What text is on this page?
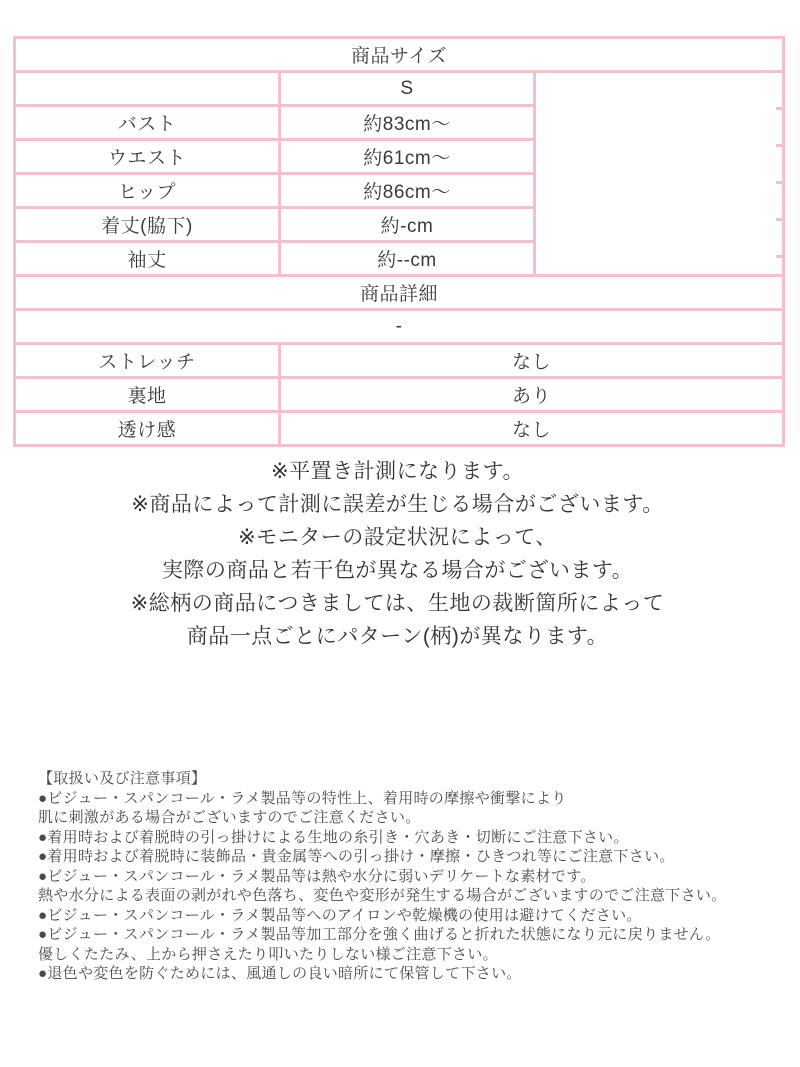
商品サイズ		
	S	

バスト	約83cm～	
ウエスト	約61cm～	
ヒップ	約86cm～	
着丈(脇下)	約-cm	
袖丈	約--cm	
商品詳細		
-		
ストレッチ	なし	
裏地	あり	
透け感	なし	
※平置き計測になります。
※商品によって計測に誤差が生じる場合がございます。
※モニターの設定状況によって、
実際の商品と若干色が異なる場合がございます。
※総柄の商品につきましては、生地の裁断箇所によって
商品一点ごとにパターン(柄)が異なります。
【取扱い及び注意事項】
●ビジュー・スパンコール・ラメ製品等の特性上、着用時の摩擦や衝撃により
肌に刺激がある場合がございますのでご注意ください。
●着用時および着脱時の引っ掛けによる生地の糸引き・穴あき・切断にご注意下さい。
●着用時および着脱時に装飾品・貴金属等への引っ掛け・摩擦・ひきつれ等にご注意下さい。
●ビジュー・スパンコール・ラメ製品等は熱や水分に弱いデリケートな素材です。
熱や水分による表面の剥がれや色落ち、変色や変形が発生する場合がございますのでご注意下さい。
●ビジュー・スパンコール・ラメ製品等へのアイロンや乾燥機の使用は避けてください。
●ビジュー・スパンコール・ラメ製品等加工部分を強く曲げると折れた状態になり元に戻りません。
優しくたたみ、上から押さえたり叩いたりしない様ご注意下さい。
●退色や変色を防ぐためには、風通しの良い暗所にて保管して下さい。
